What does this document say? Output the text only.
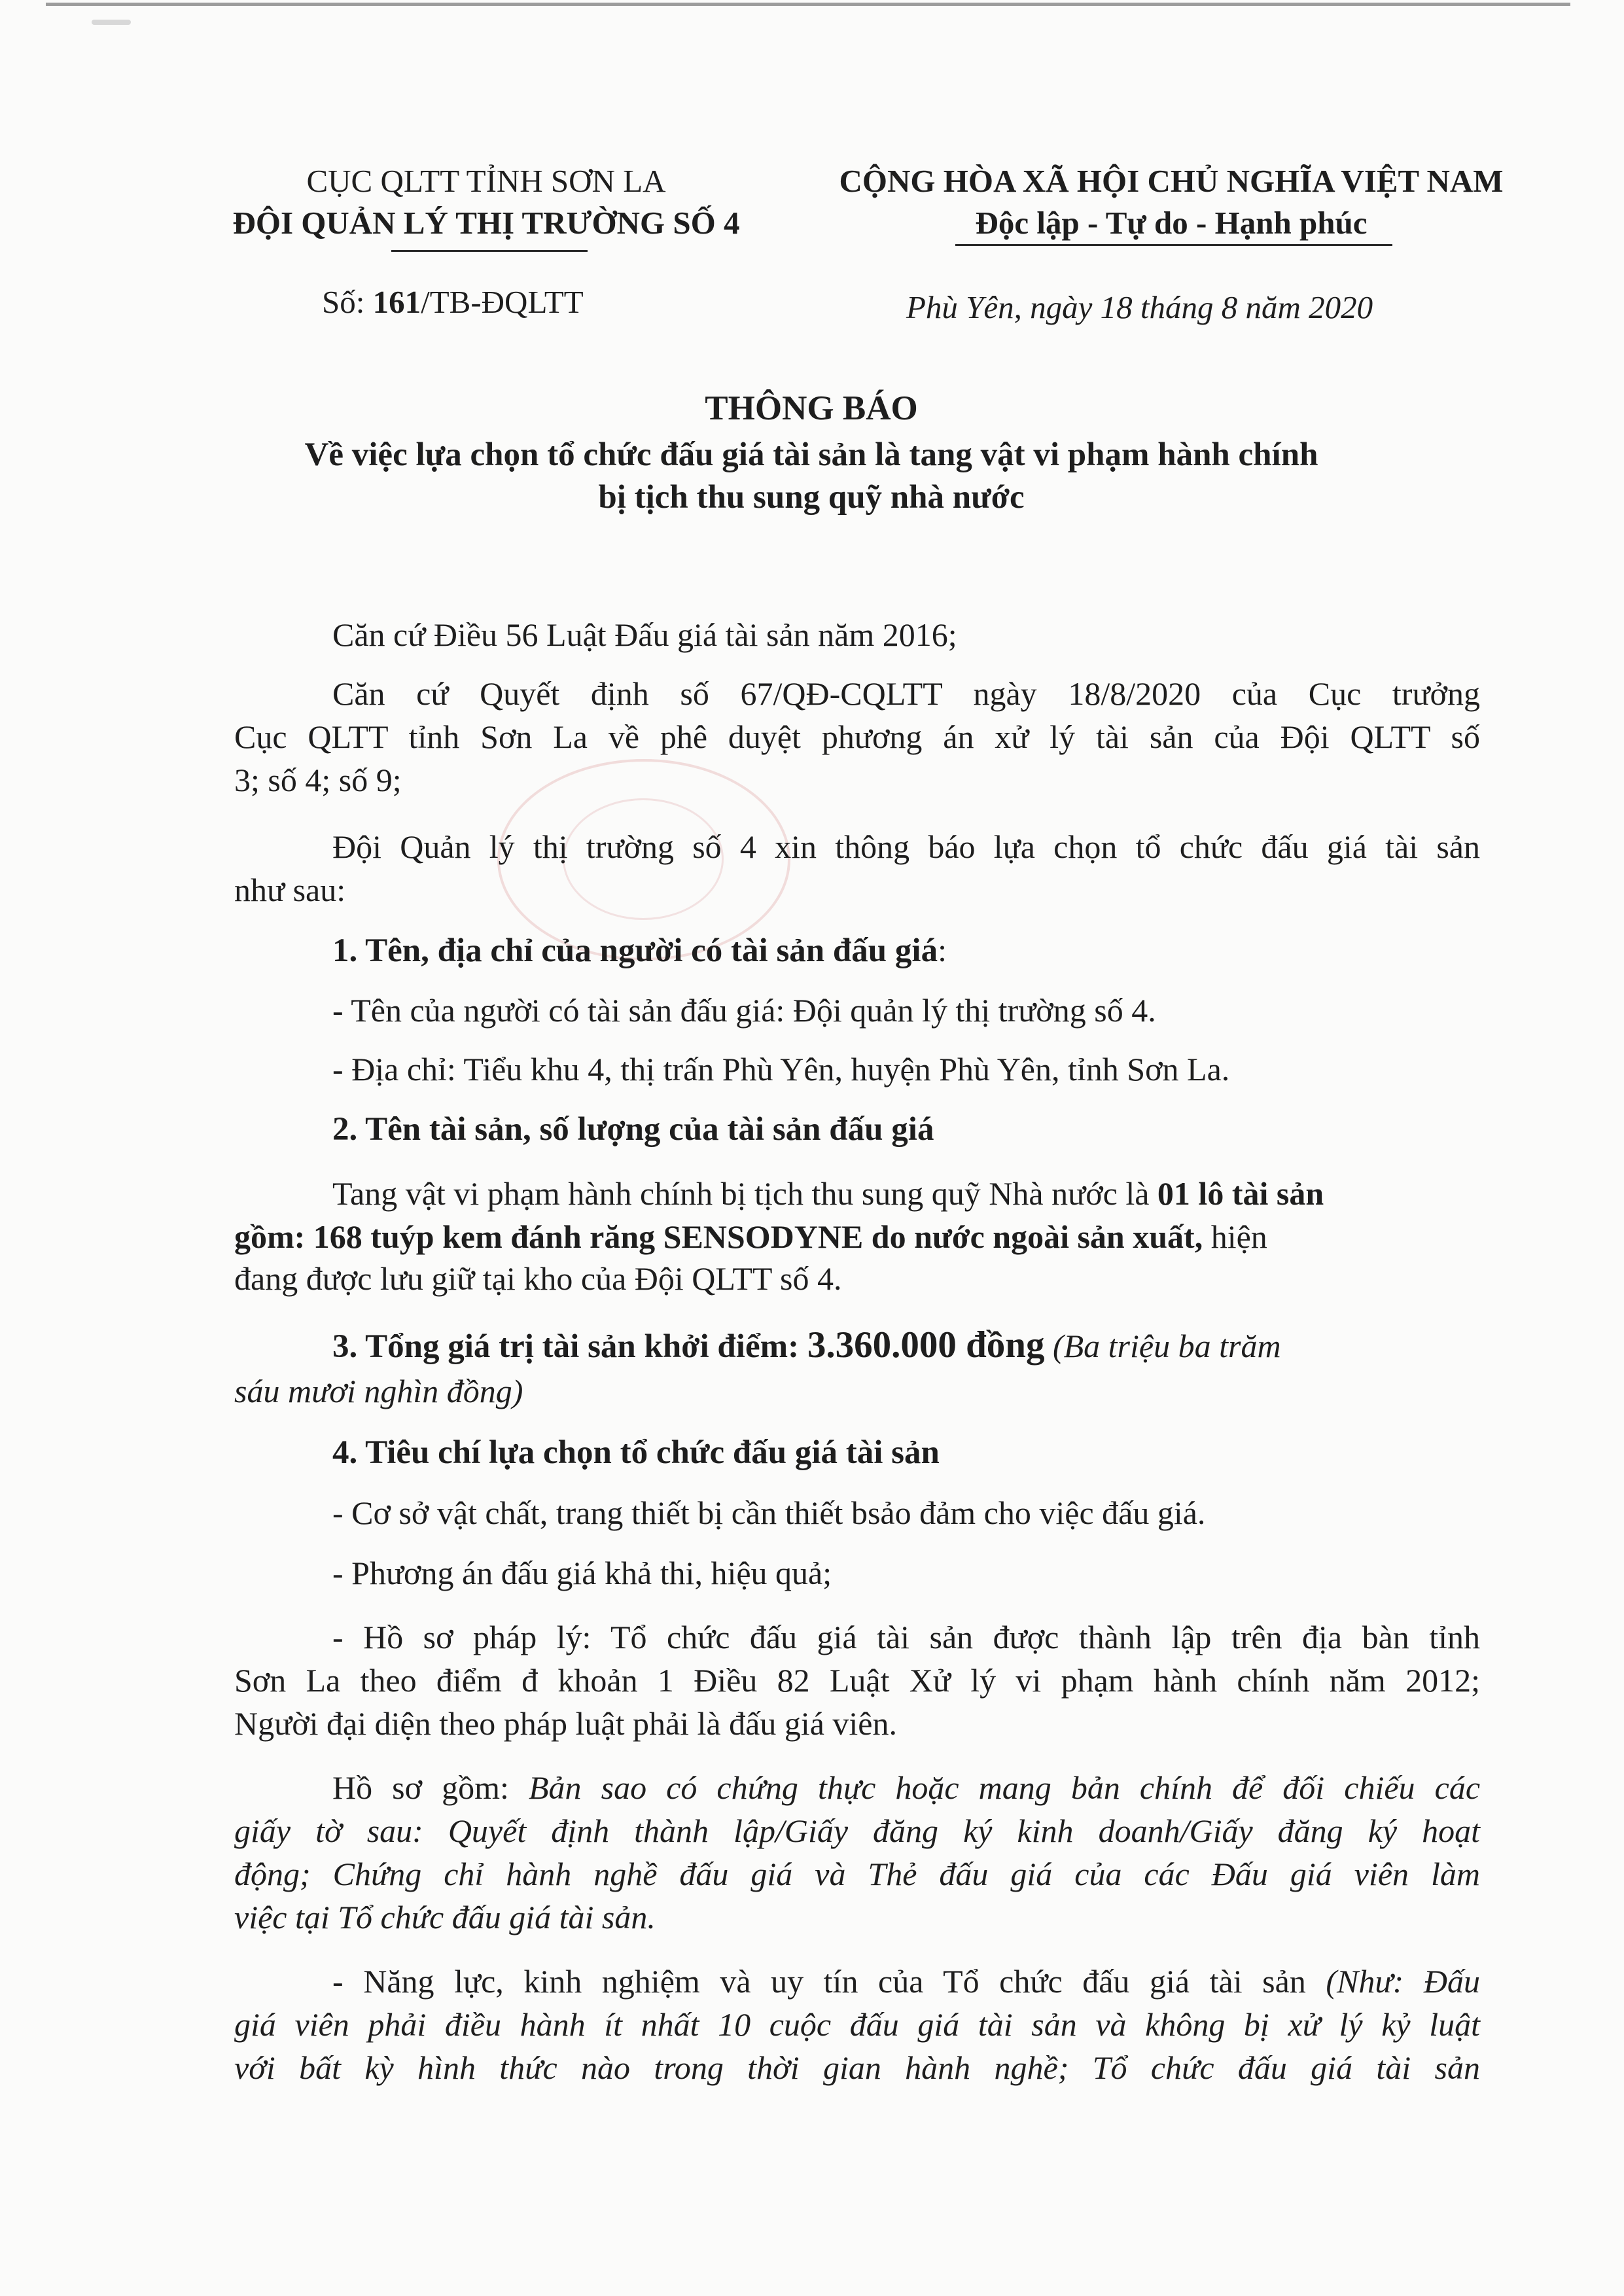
CỤC QLTT TỈNH SƠN LA
ĐỘI QUẢN LÝ THỊ TRƯỜNG SỐ 4
CỘNG HÒA XÃ HỘI CHỦ NGHĨA VIỆT NAM
Độc lập - Tự do - Hạnh phúc
Số: 161/TB-ĐQLTT	Phù Yên, ngày 18 tháng 8 năm 2020
THÔNG BÁO
Về việc lựa chọn tổ chức đấu giá tài sản là tang vật vi phạm hành chính
bị tịch thu sung quỹ nhà nước
Căn cứ Điều 56 Luật Đấu giá tài sản năm 2016;
Căn cứ Quyết định số 67/QĐ-CQLTT ngày 18/8/2020 của Cục trưởng
Cục QLTT tỉnh Sơn La về phê duyệt phương án xử lý tài sản của Đội QLTT số
3; số 4; số 9;
Đội Quản lý thị trường số 4 xin thông báo lựa chọn tổ chức đấu giá tài sản
như sau:
1. Tên, địa chỉ của người có tài sản đấu giá:
- Tên của người có tài sản đấu giá: Đội quản lý thị trường số 4.
- Địa chỉ: Tiểu khu 4, thị trấn Phù Yên, huyện Phù Yên, tỉnh Sơn La.
2. Tên tài sản, số lượng của tài sản đấu giá
Tang vật vi phạm hành chính bị tịch thu sung quỹ Nhà nước là 01 lô tài sản
gồm: 168 tuýp kem đánh răng SENSODYNE do nước ngoài sản xuất, hiện
đang được lưu giữ tại kho của Đội QLTT số 4.
3. Tổng giá trị tài sản khởi điểm: 3.360.000 đồng (Ba triệu ba trăm
sáu mươi nghìn đồng)
4. Tiêu chí lựa chọn tổ chức đấu giá tài sản
- Cơ sở vật chất, trang thiết bị cần thiết bsảo đảm cho việc đấu giá.
- Phương án đấu giá khả thi, hiệu quả;
- Hồ sơ pháp lý: Tổ chức đấu giá tài sản được thành lập trên địa bàn tỉnh
Sơn La theo điểm đ khoản 1 Điều 82 Luật Xử lý vi phạm hành chính năm 2012;
Người đại diện theo pháp luật phải là đấu giá viên.
Hồ sơ gồm: Bản sao có chứng thực hoặc mang bản chính để đối chiếu các
giấy tờ sau: Quyết định thành lập/Giấy đăng ký kinh doanh/Giấy đăng ký hoạt
động; Chứng chỉ hành nghề đấu giá và Thẻ đấu giá của các Đấu giá viên làm
việc tại Tổ chức đấu giá tài sản.
- Năng lực, kinh nghiệm và uy tín của Tổ chức đấu giá tài sản (Như: Đấu
giá viên phải điều hành ít nhất 10 cuộc đấu giá tài sản và không bị xử lý kỷ luật
với bất kỳ hình thức nào trong thời gian hành nghề; Tổ chức đấu giá tài sản
